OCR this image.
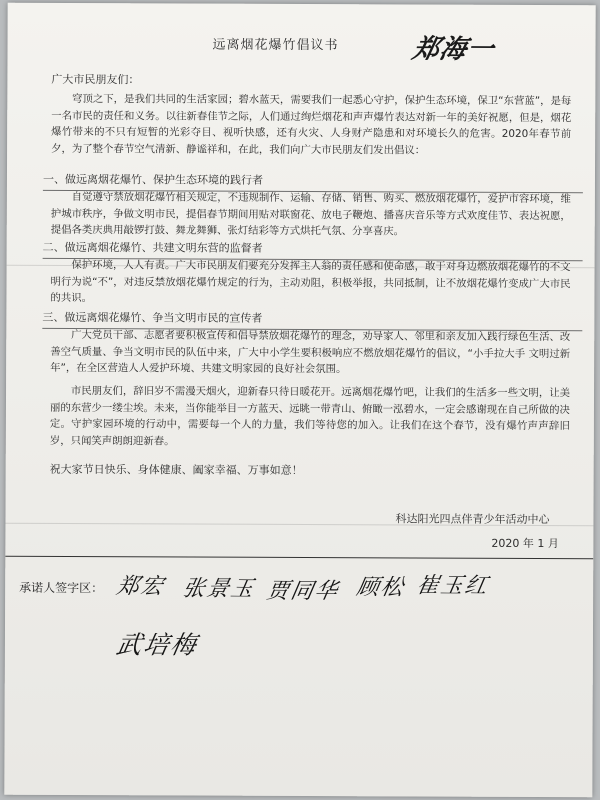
远离烟花爆竹倡议书	郑海一
广大市民朋友们：
穹顶之下，是我们共同的生活家园；碧水蓝天，需要我们一起悉心守护，保护生态环境，保卫“东营蓝”，是每一名市民的责任和义务。以往新春佳节之际，人们通过绚烂烟花和声声爆竹表达对新一年的美好祝愿，但是，烟花爆竹带来的不只有短暂的光彩夺目、视听快感，还有火灾、人身财产隐患和对环境长久的危害。2020年春节前夕，为了整个春节空气清新、静谧祥和，在此，我们向广大市民朋友们发出倡议：
一、做远离烟花爆竹、保护生态环境的践行者
自觉遵守禁放烟花爆竹相关规定，不违规制作、运输、存储、销售、购买、燃放烟花爆竹，爱护市容环境，维护城市秩序，争做文明市民，提倡春节期间用贴对联窗花、放电子鞭炮、播喜庆音乐等方式欢度佳节、表达祝愿，提倡各类庆典用敲锣打鼓、舞龙舞狮、张灯结彩等方式烘托气氛、分享喜庆。
二、做远离烟花爆竹、共建文明东营的监督者
保护环境，人人有责。广大市民朋友们要充分发挥主人翁的责任感和使命感，敢于对身边燃放烟花爆竹的不文明行为说“不”，对违反禁放烟花爆竹规定的行为，主动劝阻，积极举报，共同抵制，让不放烟花爆竹变成广大市民的共识。
三、做远离烟花爆竹、争当文明市民的宣传者
广大党员干部、志愿者要积极宣传和倡导禁放烟花爆竹的理念，劝导家人、邻里和亲友加入践行绿色生活、改善空气质量、争当文明市民的队伍中来，广大中小学生要积极响应不燃放烟花爆竹的倡议，“小手拉大手 文明过新年”，在全区营造人人爱护环境、共建文明家园的良好社会氛围。
市民朋友们，辞旧岁不需漫天烟火，迎新春只待日暖花开。远离烟花爆竹吧，让我们的生活多一些文明，让美丽的东营少一缕尘埃。未来，当你能举目一方蓝天、远眺一带青山、俯瞰一泓碧水，一定会感谢现在自己所做的决定。守护家园环境的行动中，需要每一个人的力量，我们等待您的加入。让我们在这个春节，没有爆竹声声辞旧岁，只闻笑声朗朗迎新春。
祝大家节日快乐、身体健康、阖家幸福、万事如意！
科达阳光四点伴青少年活动中心
2020 年 1 月
承诺人签字区： 郑宏 张景玉 贾同华 顾松 崔玉红
武培梅
